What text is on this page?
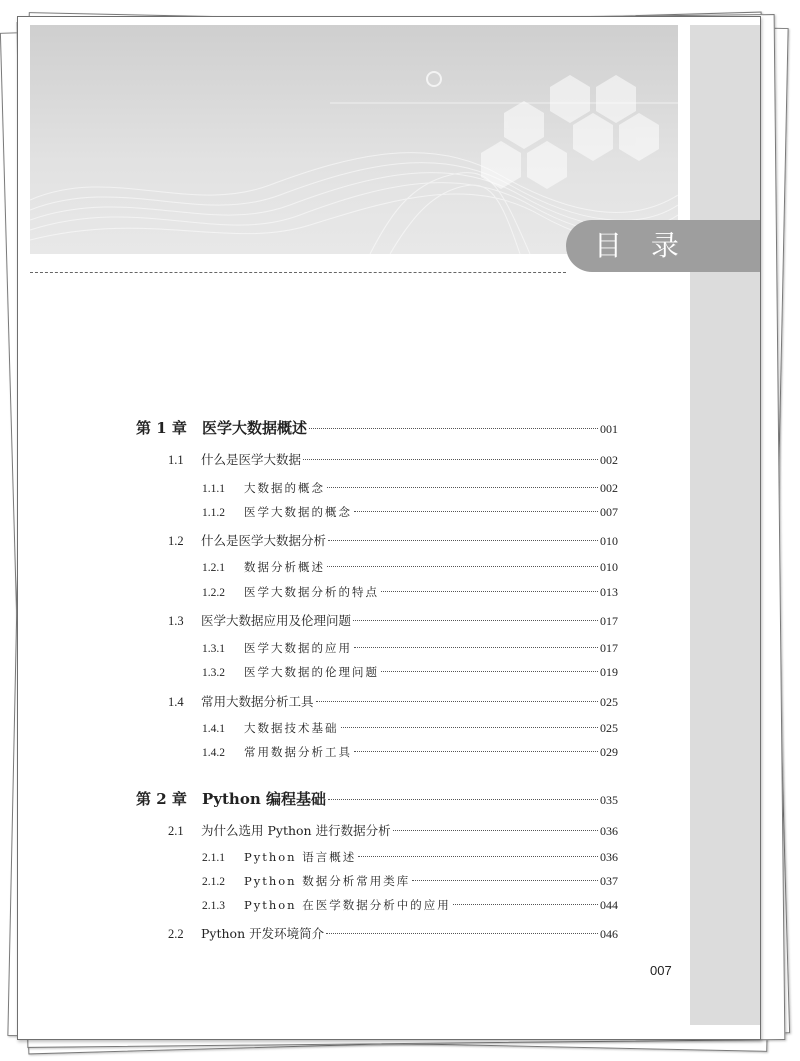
目 录
第 1 章	医学大数据概述	001
1.1	什么是医学大数据	002
1.1.1	大数据的概念	002
1.1.2	医学大数据的概念	007
1.2	什么是医学大数据分析	010
1.2.1	数据分析概述	010
1.2.2	医学大数据分析的特点	013
1.3	医学大数据应用及伦理问题	017
1.3.1	医学大数据的应用	017
1.3.2	医学大数据的伦理问题	019
1.4	常用大数据分析工具	025
1.4.1	大数据技术基础	025
1.4.2	常用数据分析工具	029
第 2 章	Python 编程基础	035
2.1	为什么选用 Python 进行数据分析	036
2.1.1	Python 语言概述	036
2.1.2	Python 数据分析常用类库	037
2.1.3	Python 在医学数据分析中的应用	044
2.2	Python 开发环境简介	046
007
